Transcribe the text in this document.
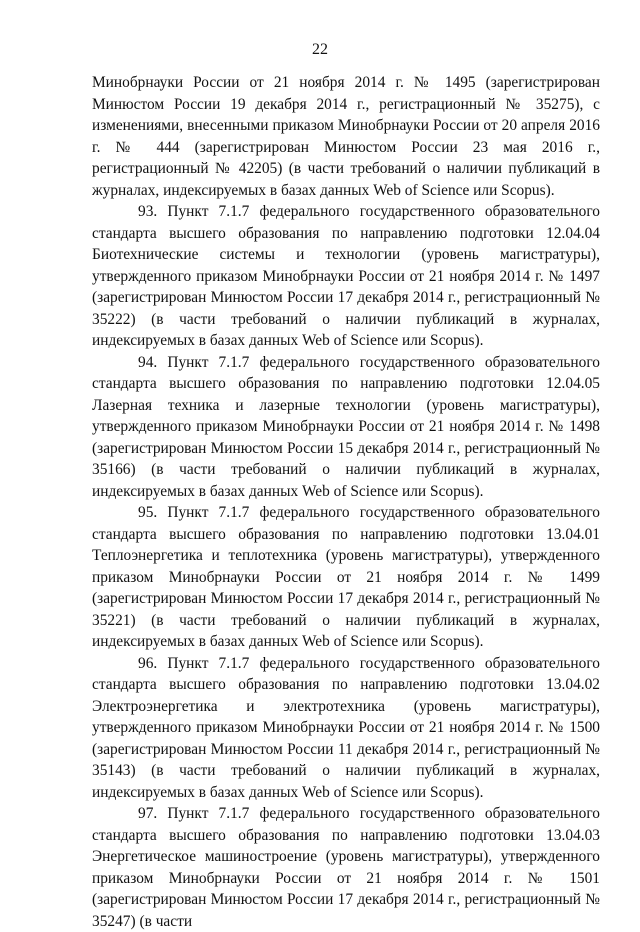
22

Минобрнауки России от 21 ноября 2014 г. № 1495 (зарегистрирован Минюстом России 19 декабря 2014 г., регистрационный № 35275), с изменениями, внесенными приказом Минобрнауки России от 20 апреля 2016 г. № 444 (зарегистрирован Минюстом России 23 мая 2016 г., регистрационный № 42205) (в части требований о наличии публикаций в журналах, индексируемых в базах данных Web of Science или Scopus).

93. Пункт 7.1.7 федерального государственного образовательного стандарта высшего образования по направлению подготовки 12.04.04 Биотехнические системы и технологии (уровень магистратуры), утвержденного приказом Минобрнауки России от 21 ноября 2014 г. № 1497 (зарегистрирован Минюстом России 17 декабря 2014 г., регистрационный № 35222) (в части требований о наличии публикаций в журналах, индексируемых в базах данных Web of Science или Scopus).

94. Пункт 7.1.7 федерального государственного образовательного стандарта высшего образования по направлению подготовки 12.04.05 Лазерная техника и лазерные технологии (уровень магистратуры), утвержденного приказом Минобрнауки России от 21 ноября 2014 г. № 1498 (зарегистрирован Минюстом России 15 декабря 2014 г., регистрационный № 35166) (в части требований о наличии публикаций в журналах, индексируемых в базах данных Web of Science или Scopus).

95. Пункт 7.1.7 федерального государственного образовательного стандарта высшего образования по направлению подготовки 13.04.01 Теплоэнергетика и теплотехника (уровень магистратуры), утвержденного приказом Минобрнауки России от 21 ноября 2014 г. № 1499 (зарегистрирован Минюстом России 17 декабря 2014 г., регистрационный № 35221) (в части требований о наличии публикаций в журналах, индексируемых в базах данных Web of Science или Scopus).

96. Пункт 7.1.7 федерального государственного образовательного стандарта высшего образования по направлению подготовки 13.04.02 Электроэнергетика и электротехника (уровень магистратуры), утвержденного приказом Минобрнауки России от 21 ноября 2014 г. № 1500 (зарегистрирован Минюстом России 11 декабря 2014 г., регистрационный № 35143) (в части требований о наличии публикаций в журналах, индексируемых в базах данных Web of Science или Scopus).

97. Пункт 7.1.7 федерального государственного образовательного стандарта высшего образования по направлению подготовки 13.04.03 Энергетическое машиностроение (уровень магистратуры), утвержденного приказом Минобрнауки России от 21 ноября 2014 г. № 1501 (зарегистрирован Минюстом России 17 декабря 2014 г., регистрационный № 35247) (в части
